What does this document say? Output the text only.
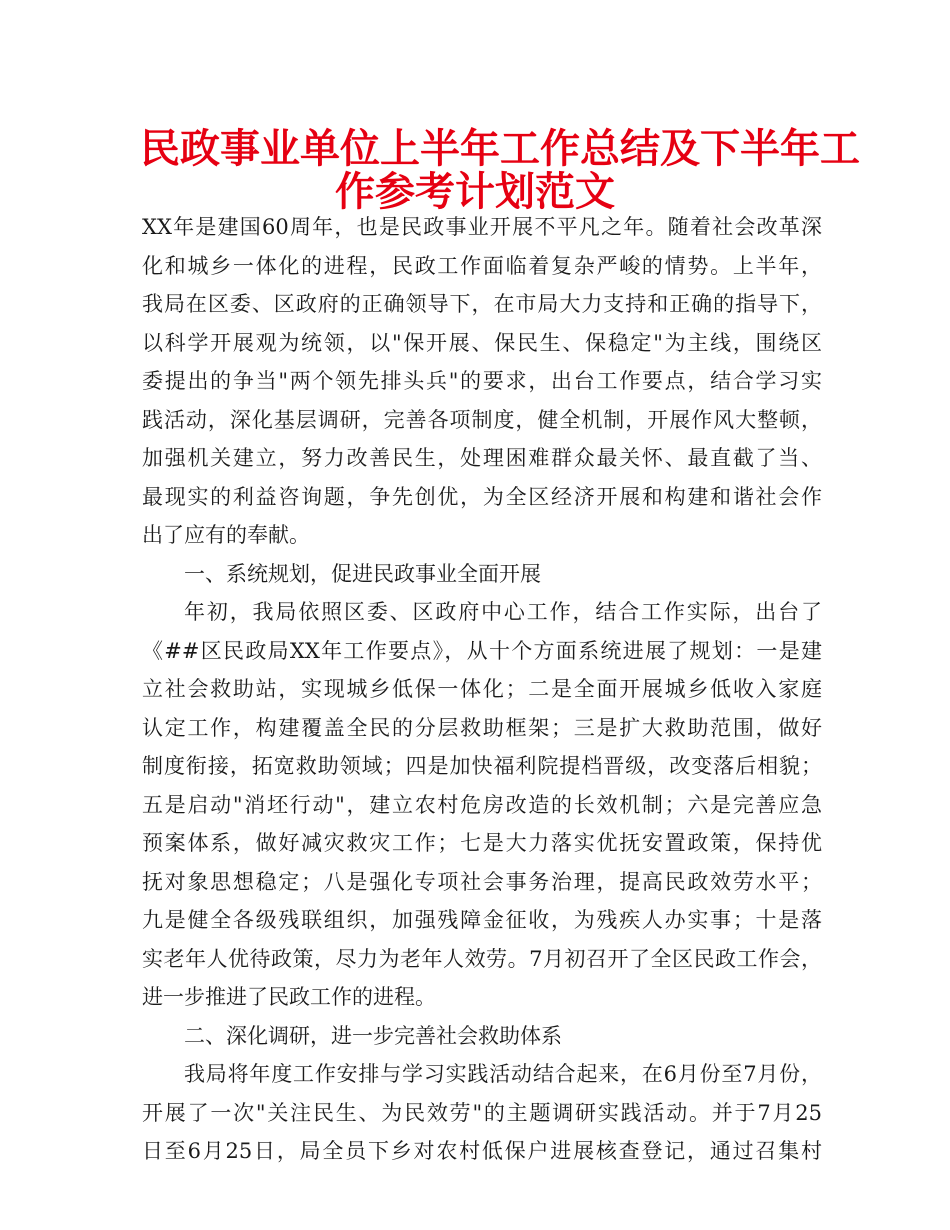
民政事业单位上半年工作总结及下半年工
作参考计划范文

XX年是建国60周年，也是民政事业开展不平凡之年。随着社会改革深
化和城乡一体化的进程，民政工作面临着复杂严峻的情势。上半年，
我局在区委、区政府的正确领导下，在市局大力支持和正确的指导下，
以科学开展观为统领，以"保开展、保民生、保稳定"为主线，围绕区
委提出的争当"两个领先排头兵"的要求，出台工作要点，结合学习实
践活动，深化基层调研，完善各项制度，健全机制，开展作风大整顿，
加强机关建立，努力改善民生，处理困难群众最关怀、最直截了当、
最现实的利益咨询题，争先创优，为全区经济开展和构建和谐社会作
出了应有的奉献。

一、系统规划，促进民政事业全面开展

年初，我局依照区委、区政府中心工作，结合工作实际，出台了
《##区民政局XX年工作要点》，从十个方面系统进展了规划：一是建
立社会救助站，实现城乡低保一体化；二是全面开展城乡低收入家庭
认定工作，构建覆盖全民的分层救助框架；三是扩大救助范围，做好
制度衔接，拓宽救助领域；四是加快福利院提档晋级，改变落后相貌；
五是启动"消坯行动"，建立农村危房改造的长效机制；六是完善应急
预案体系，做好减灾救灾工作；七是大力落实优抚安置政策，保持优
抚对象思想稳定；八是强化专项社会事务治理，提高民政效劳水平；
九是健全各级残联组织，加强残障金征收，为残疾人办实事；十是落
实老年人优待政策，尽力为老年人效劳。7月初召开了全区民政工作会，
进一步推进了民政工作的进程。

二、深化调研，进一步完善社会救助体系

我局将年度工作安排与学习实践活动结合起来，在6月份至7月份，
开展了一次"关注民生、为民效劳"的主题调研实践活动。并于7月25
日至6月25日，局全员下乡对农村低保户进展核查登记，通过召集村
